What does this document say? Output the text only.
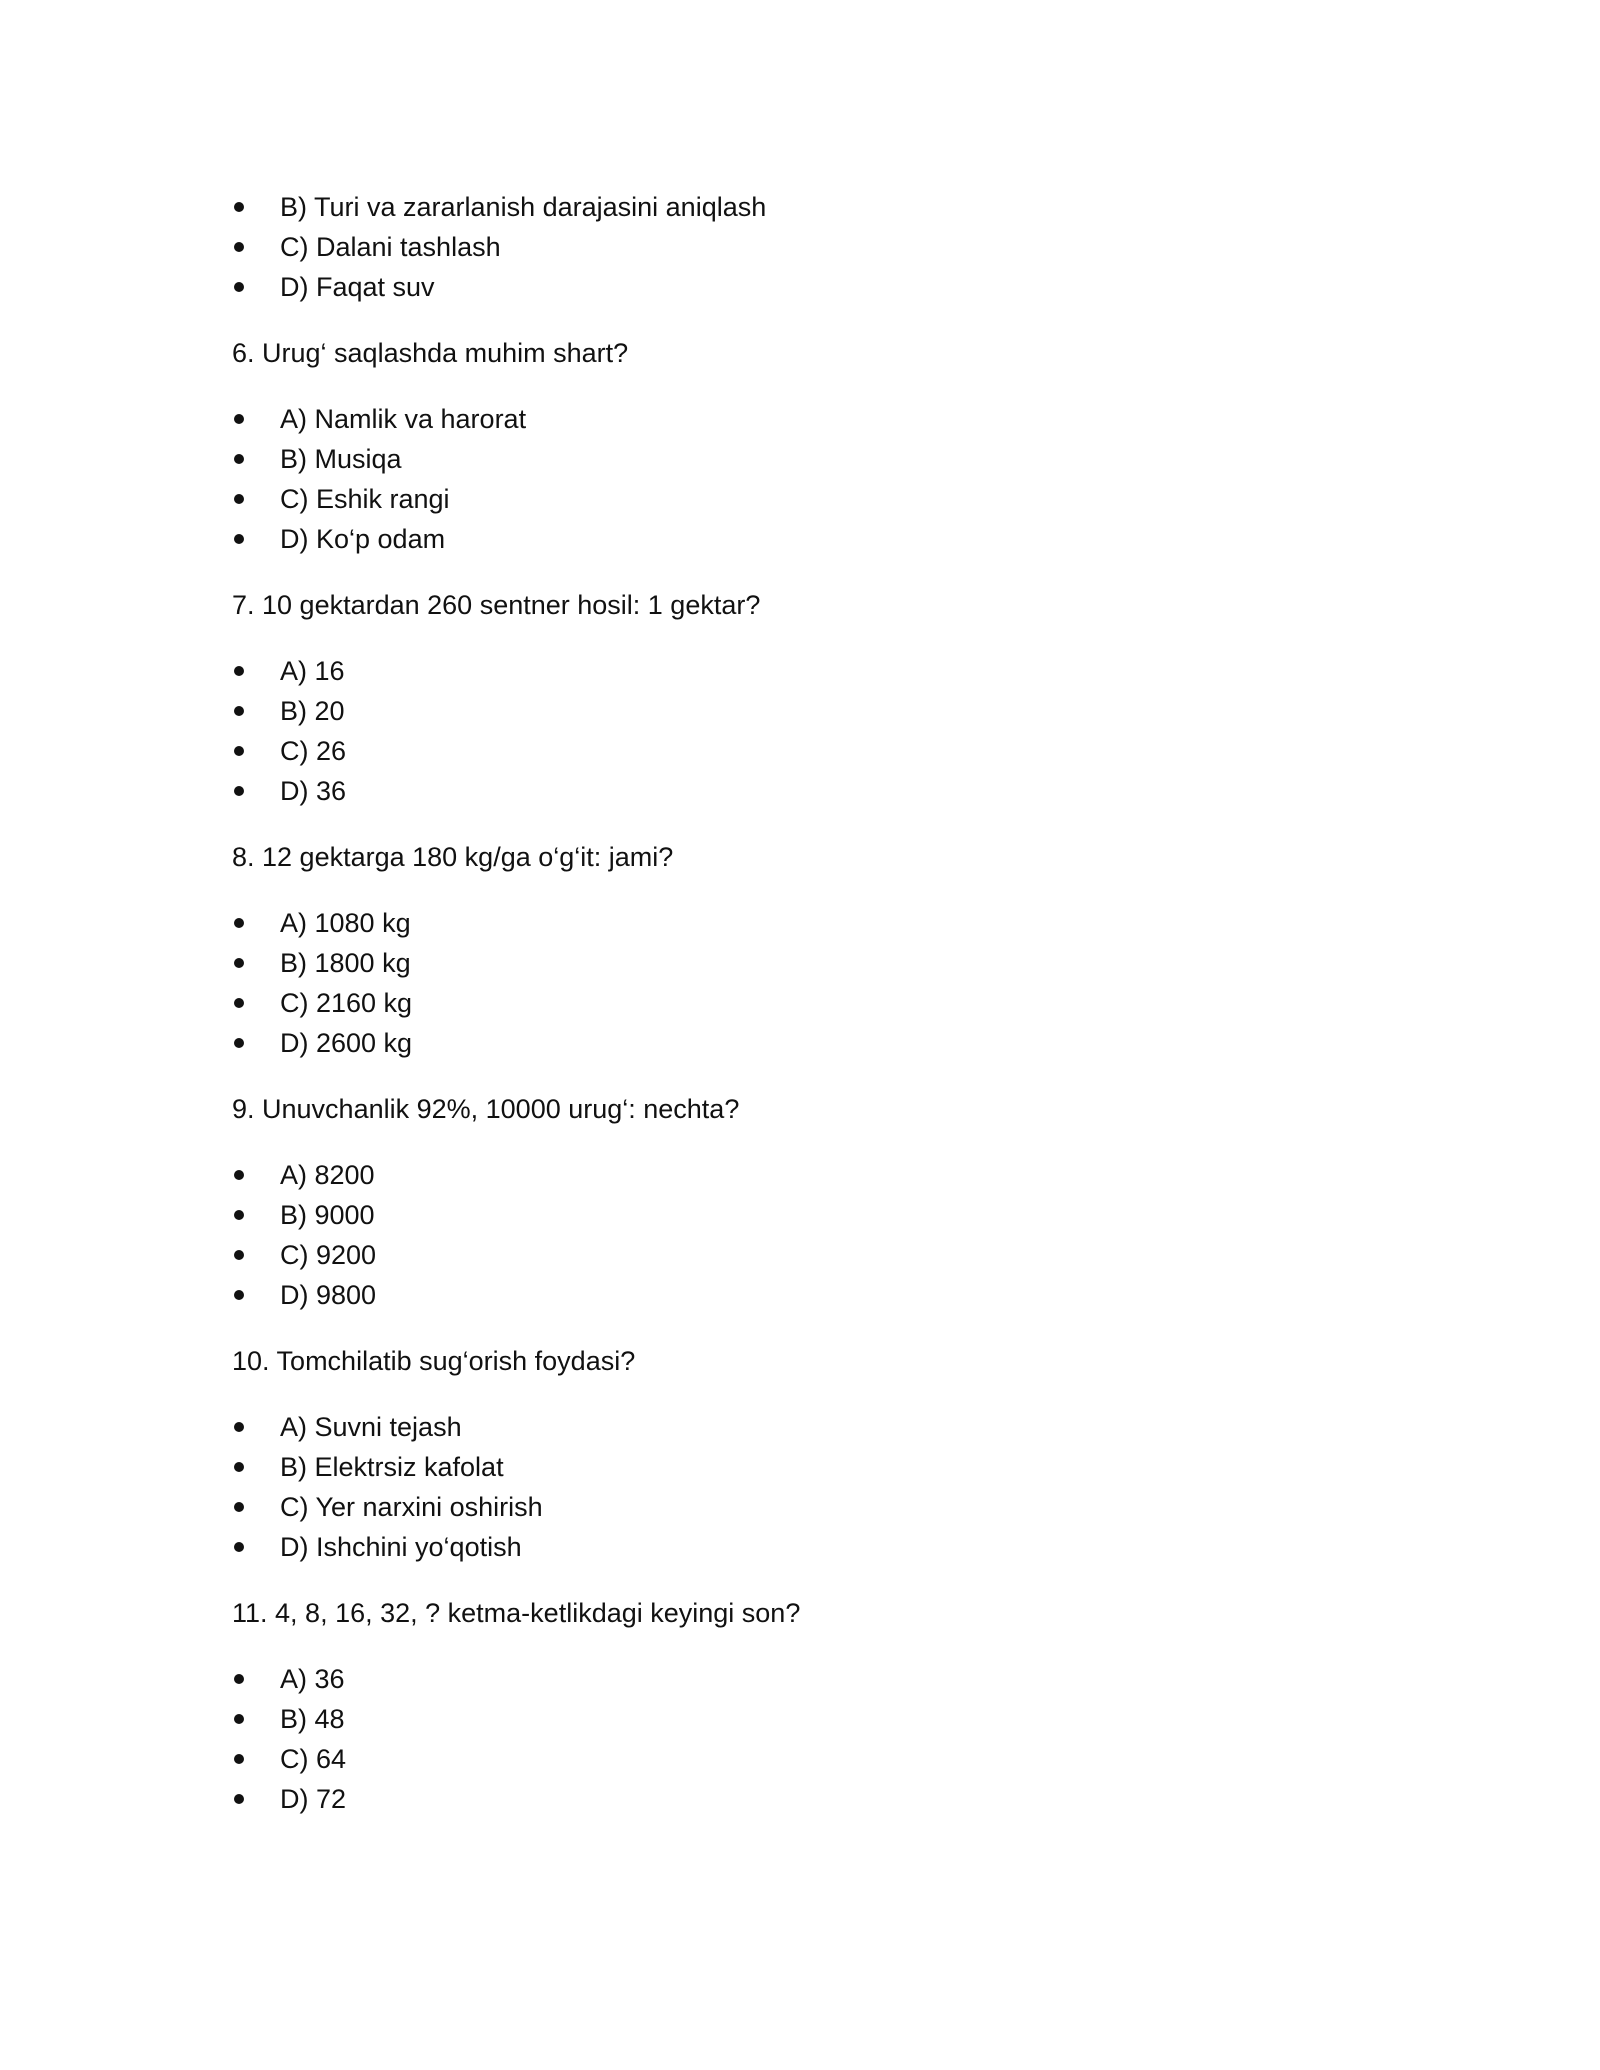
B) Turi va zararlanish darajasini aniqlash
C) Dalani tashlash
D) Faqat suv

6. Urug‘ saqlashda muhim shart?

A) Namlik va harorat
B) Musiqa
C) Eshik rangi
D) Ko‘p odam

7. 10 gektardan 260 sentner hosil: 1 gektar?

A) 16
B) 20
C) 26
D) 36

8. 12 gektarga 180 kg/ga o‘g‘it: jami?

A) 1080 kg
B) 1800 kg
C) 2160 kg
D) 2600 kg

9. Unuvchanlik 92%, 10000 urug‘: nechta?

A) 8200
B) 9000
C) 9200
D) 9800

10. Tomchilatib sug‘orish foydasi?

A) Suvni tejash
B) Elektrsiz kafolat
C) Yer narxini oshirish
D) Ishchini yo‘qotish

11. 4, 8, 16, 32, ? ketma-ketlikdagi keyingi son?

A) 36
B) 48
C) 64
D) 72
